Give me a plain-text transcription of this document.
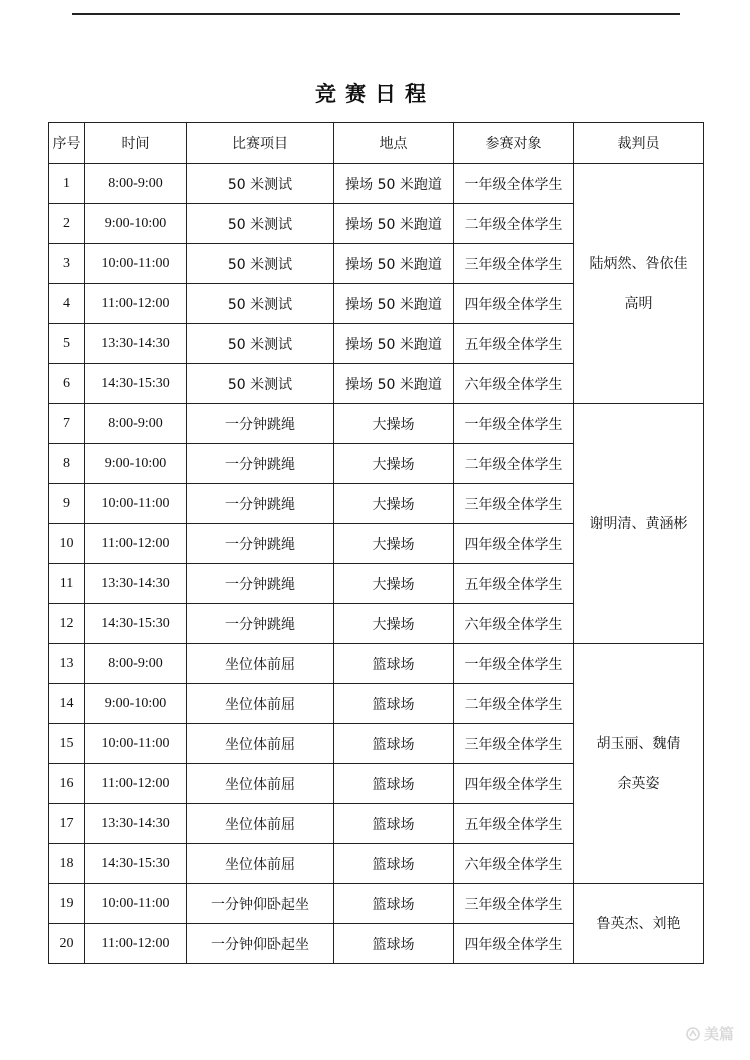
竞赛日程
序号	时间	比赛项目	地点	参赛对象	裁判员
1	8:00-9:00	50 米测试	操场 50 米跑道	一年级全体学生	陆炳然、咎依佳
高明

2	9:00-10:00	50 米测试	操场 50 米跑道	二年级全体学生	
3	10:00-11:00	50 米测试	操场 50 米跑道	三年级全体学生	
4	11:00-12:00	50 米测试	操场 50 米跑道	四年级全体学生	
5	13:30-14:30	50 米测试	操场 50 米跑道	五年级全体学生	
6	14:30-15:30	50 米测试	操场 50 米跑道	六年级全体学生	
7	8:00-9:00	一分钟跳绳	大操场	一年级全体学生	谢明清、黄涵彬

8	9:00-10:00	一分钟跳绳	大操场	二年级全体学生	
9	10:00-11:00	一分钟跳绳	大操场	三年级全体学生	
10	11:00-12:00	一分钟跳绳	大操场	四年级全体学生	
11	13:30-14:30	一分钟跳绳	大操场	五年级全体学生	
12	14:30-15:30	一分钟跳绳	大操场	六年级全体学生	
13	8:00-9:00	坐位体前屈	篮球场	一年级全体学生	胡玉丽、魏倩
余英姿

14	9:00-10:00	坐位体前屈	篮球场	二年级全体学生	
15	10:00-11:00	坐位体前屈	篮球场	三年级全体学生	
16	11:00-12:00	坐位体前屈	篮球场	四年级全体学生	
17	13:30-14:30	坐位体前屈	篮球场	五年级全体学生	
18	14:30-15:30	坐位体前屈	篮球场	六年级全体学生	
19	10:00-11:00	一分钟仰卧起坐	篮球场	三年级全体学生	鲁英杰、刘艳

20	11:00-12:00	一分钟仰卧起坐	篮球场	四年级全体学生	
美篇
